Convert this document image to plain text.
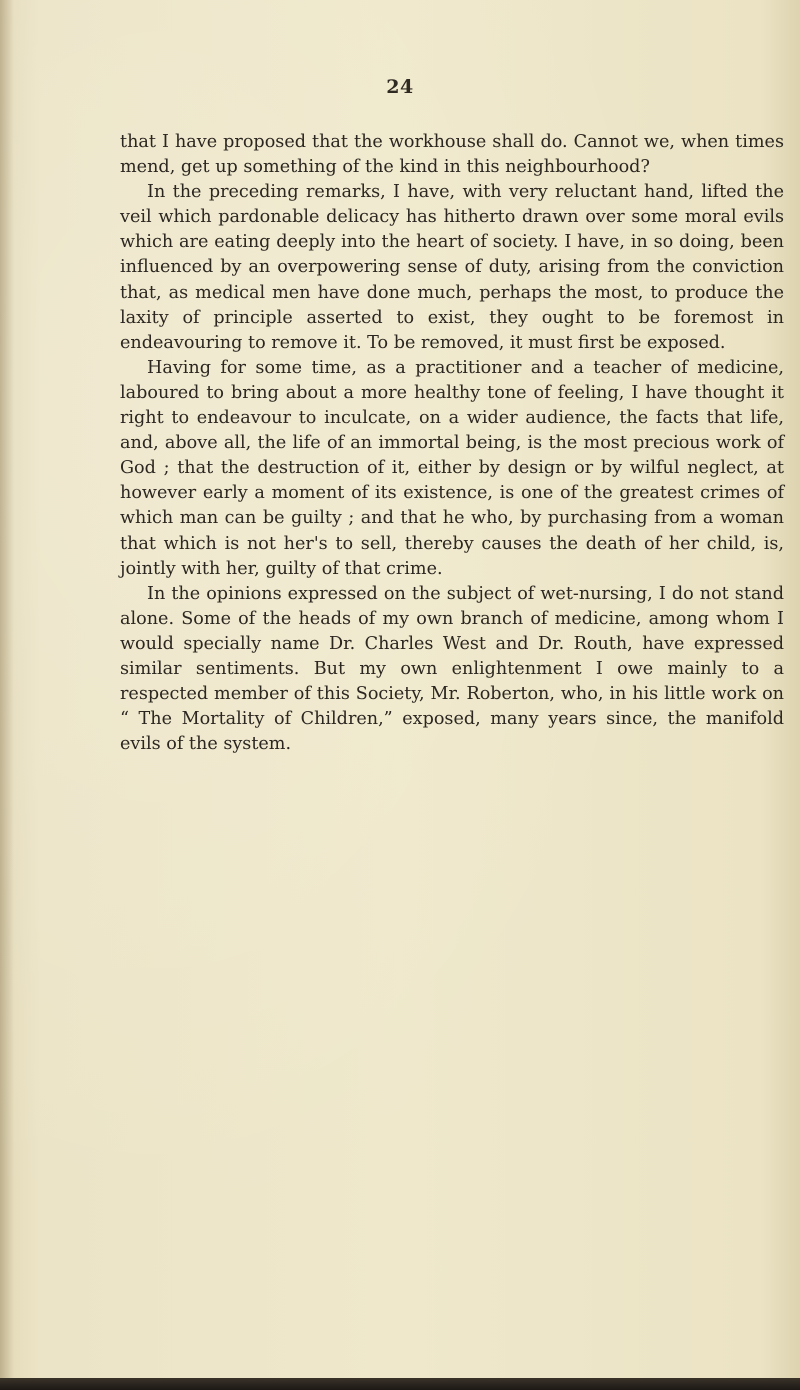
24

that I have proposed that the workhouse shall do. Cannot we, when times mend, get up something of the kind in this neighbourhood?

In the preceding remarks, I have, with very reluctant hand, lifted the veil which pardonable delicacy has hitherto drawn over some moral evils which are eating deeply into the heart of society. I have, in so doing, been influenced by an overpowering sense of duty, arising from the conviction that, as medical men have done much, perhaps the most, to produce the laxity of principle asserted to exist, they ought to be foremost in endeavouring to remove it. To be removed, it must first be exposed.

Having for some time, as a practitioner and a teacher of medicine, laboured to bring about a more healthy tone of feeling, I have thought it right to endeavour to inculcate, on a wider audience, the facts that life, and, above all, the life of an immortal being, is the most precious work of God ; that the destruction of it, either by design or by wilful neglect, at however early a moment of its existence, is one of the greatest crimes of which man can be guilty ; and that he who, by purchasing from a woman that which is not her's to sell, thereby causes the death of her child, is, jointly with her, guilty of that crime.

In the opinions expressed on the subject of wet-nursing, I do not stand alone. Some of the heads of my own branch of medicine, among whom I would specially name Dr. Charles West and Dr. Routh, have expressed similar sentiments. But my own enlightenment I owe mainly to a respected member of this Society, Mr. Roberton, who, in his little work on “ The Mortality of Children,” exposed, many years since, the manifold evils of the system.
